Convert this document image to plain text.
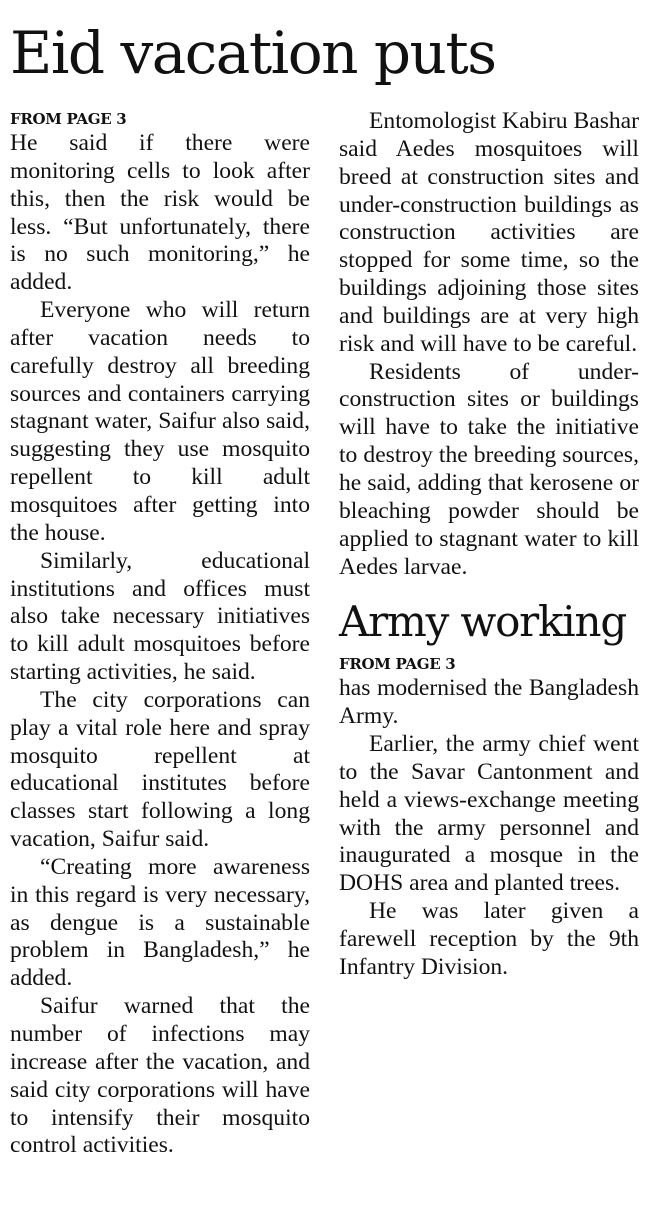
Eid vacation puts
FROM PAGE 3

He said if there were monitoring cells to look after this, then the risk would be less. “But unfortunately, there is no such monitoring,” he added.

Everyone who will return after vacation needs to carefully destroy all breeding sources and containers carrying stagnant water, Saifur also said, suggesting they use mosquito repellent to kill adult mosquitoes after getting into the house.

Similarly, educational institutions and offices must also take necessary initiatives to kill adult mosquitoes before starting activities, he said.

The city corporations can play a vital role here and spray mosquito repellent at educational institutes before classes start following a long vacation, Saifur said.

“Creating more awareness in this regard is very necessary, as dengue is a sustainable problem in Bangladesh,” he added.

Saifur warned that the number of infections may increase after the vacation, and said city corporations will have to intensify their mosquito control activities.

Entomologist Kabiru Bashar said Aedes mosquitoes will breed at construction sites and under-construction buildings as construction activities are stopped for some time, so the buildings adjoining those sites and buildings are at very high risk and will have to be careful.

Residents of under-construction sites or buildings will have to take the initiative to destroy the breeding sources, he said, adding that kerosene or bleaching powder should be applied to stagnant water to kill Aedes larvae.

Army working
FROM PAGE 3

has modernised the Bangladesh Army.

Earlier, the army chief went to the Savar Cantonment and held a views-exchange meeting with the army personnel and inaugurated a mosque in the DOHS area and planted trees.

He was later given a farewell reception by the 9th Infantry Division.
